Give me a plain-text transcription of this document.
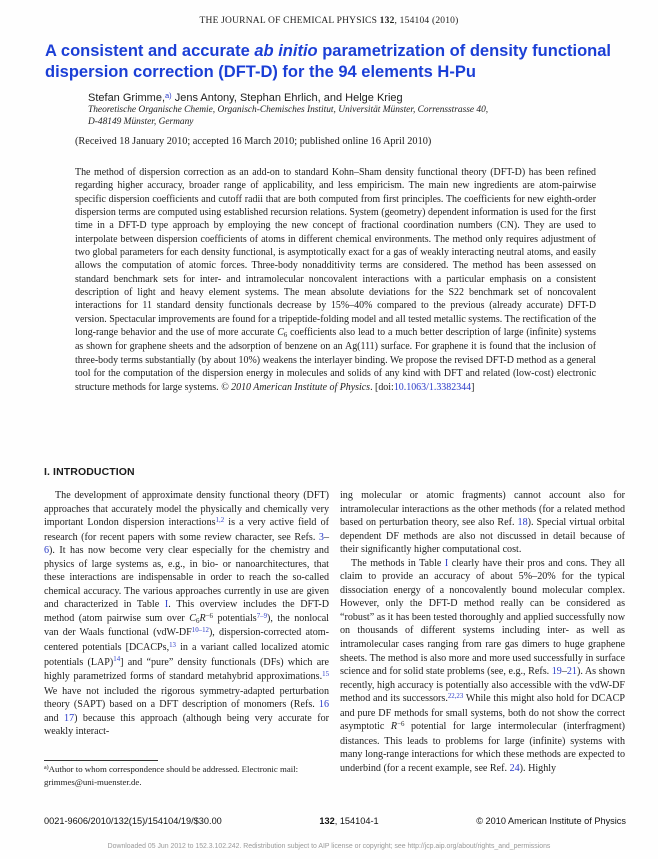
THE JOURNAL OF CHEMICAL PHYSICS 132, 154104 (2010)
A consistent and accurate ab initio parametrization of density functional
dispersion correction (DFT-D) for the 94 elements H-Pu
Stefan Grimme,$^{a)}$ Jens Antony, Stephan Ehrlich, and Helge Krieg
Theoretische Organische Chemie, Organisch-Chemisches Institut, Universität Münster, Corrensstrasse 40,
D-48149 Münster, Germany
(Received 18 January 2010; accepted 16 March 2010; published online 16 April 2010)
The method of dispersion correction as an add-on to standard Kohn–Sham density functional theory (DFT-D) has been refined regarding higher accuracy, broader range of applicability, and less empiricism. The main new ingredients are atom-pairwise specific dispersion coefficients and cutoff radii that are both computed from first principles. The coefficients for new eighth-order dispersion terms are computed using established recursion relations. System (geometry) dependent information is used for the first time in a DFT-D type approach by employing the new concept of fractional coordination numbers (CN). They are used to interpolate between dispersion coefficients of atoms in different chemical environments. The method only requires adjustment of two global parameters for each density functional, is asymptotically exact for a gas of weakly interacting neutral atoms, and easily allows the computation of atomic forces. Three-body nonadditivity terms are considered. The method has been assessed on standard benchmark sets for inter- and intramolecular noncovalent interactions with a particular emphasis on a consistent description of light and heavy element systems. The mean absolute deviations for the S22 benchmark set of noncovalent interactions for 11 standard density functionals decrease by 15%–40% compared to the previous (already accurate) DFT-D version. Spectacular improvements are found for a tripeptide-folding model and all tested metallic systems. The rectification of the long-range behavior and the use of more accurate C6 coefficients also lead to a much better description of large (infinite) systems as shown for graphene sheets and the adsorption of benzene on an Ag(111) surface. For graphene it is found that the inclusion of three-body terms substantially (by about 10%) weakens the interlayer binding. We propose the revised DFT-D method as a general tool for the computation of the dispersion energy in molecules and solids of any kind with DFT and related (low-cost) electronic structure methods for large systems. © 2010 American Institute of Physics. [doi:10.1063/1.3382344]
I. INTRODUCTION

The development of approximate density functional theory (DFT) approaches that accurately model the physically and chemically very important London dispersion interactions$^{1,2}$ is a very active field of research (for recent papers with some review character, see Refs. 3–6). It has now become very clear especially for the chemistry and physics of large systems as, e.g., in bio- or nanoarchitectures, that these interactions are indispensable in order to reach the so-called chemical accuracy. The various approaches currently in use are given and characterized in Table I. This overview includes the DFT-D method (atom pairwise sum over $C6R^{-6}$ potentials$^{7-9}$), the nonlocal van der Waals functional (vdW-DF$^{10-12}$), dispersion-corrected atom-centered potentials [DCACPs,$^{13}$ in a variant called localized atomic potentials (LAP)$^{14}$] and “pure” density functionals (DFs) which are highly parametrized forms of standard metahybrid approximations.$^{15}$ We have not included the rigorous symmetry-adapted perturbation theory (SAPT) based on a DFT description of monomers (Refs. 16 and 17) because this approach (although being very accurate for weakly interact-

ing molecular or atomic fragments) cannot account also for intramolecular interactions as the other methods (for a related method based on perturbation theory, see also Ref. 18). Special virtual orbital dependent DF methods are also not discussed in detail because of their significantly higher computational cost.

The methods in Table I clearly have their pros and cons. They all claim to provide an accuracy of about 5%–20% for the typical dissociation energy of a noncovalently bound molecular complex. However, only the DFT-D method really can be considered as “robust” as it has been tested thoroughly and applied successfully now on thousands of different systems including inter- as well as intramolecular cases ranging from rare gas dimers to huge graphene sheets. The method is also more and more used successfully in surface science and for solid state problems (see, e.g., Refs. 19–21). As shown recently, high accuracy is potentially also accessible with the vdW-DF method and its successors.$^{22,23}$ While this might also hold for DCACP and pure DF methods for small systems, both do not show the correct asymptotic $R^{-6}$ potential for large intermolecular (interfragment) distances. This leads to problems for large (infinite) systems with many long-range interactions for which these methods are expected to underbind (for a recent example, see Ref. 24). Highly

$^{a)}$Author to whom correspondence should be addressed. Electronic mail: grimmes@uni-muenster.de.
0021-9606/2010/132(15)/154104/19/$30.00	132, 154104-1	© 2010 American Institute of Physics
Downloaded 05 Jun 2012 to 152.3.102.242. Redistribution subject to AIP license or copyright; see http://jcp.aip.org/about/rights_and_permissions
